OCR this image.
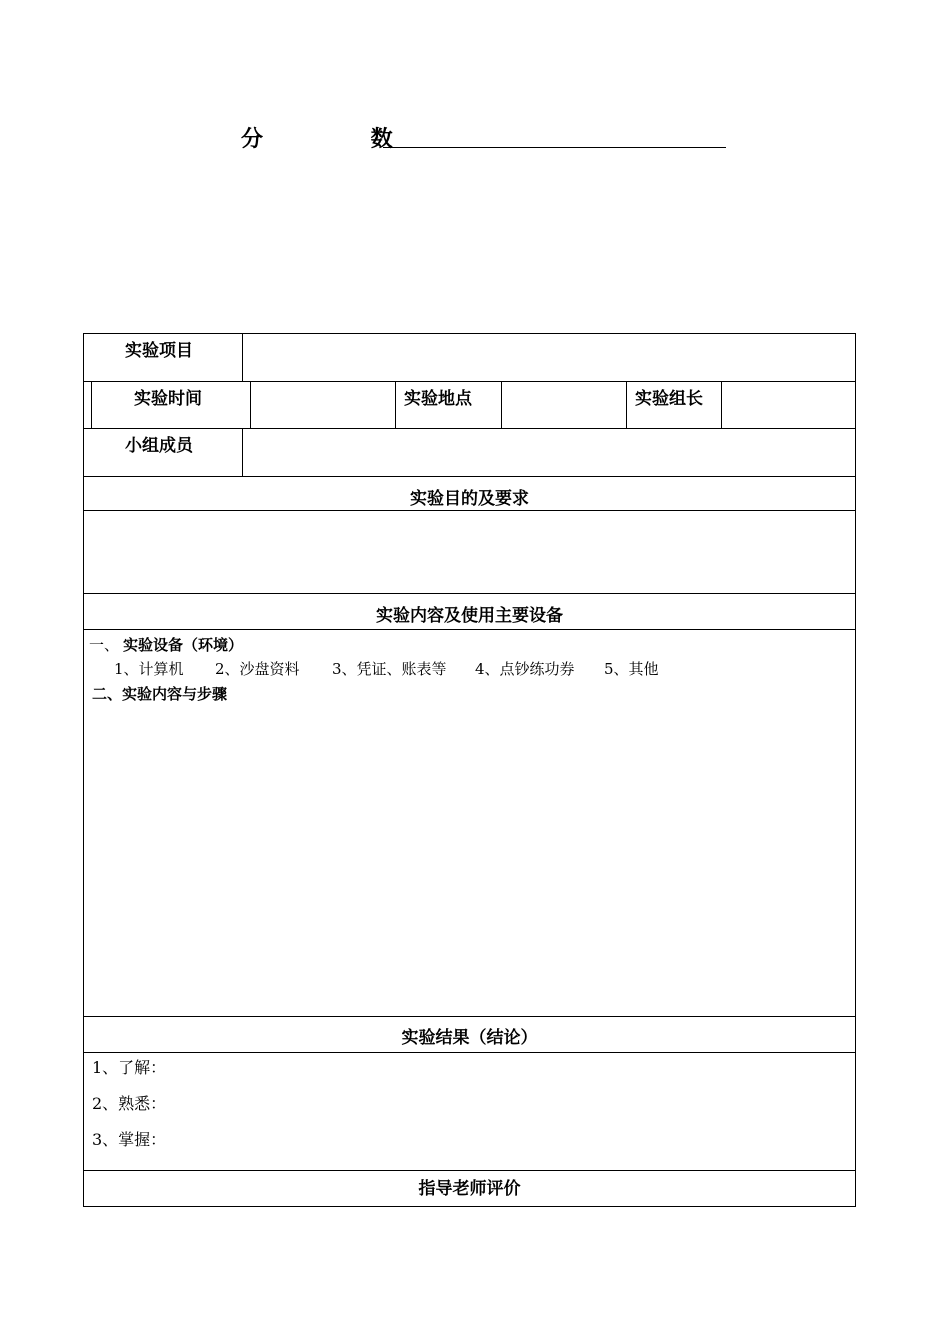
分 数
实验项目
实验时间	实验地点	实验组长
小组成员
实验目的及要求
实验内容及使用主要设备
一、 实验设备（环境）
1、计算机 2、沙盘资料 3、凭证、账表等 4、点钞练功券 5、其他
二、实验内容与步骤
实验结果（结论）
1、了解：
2、熟悉：
3、掌握：
指导老师评价
